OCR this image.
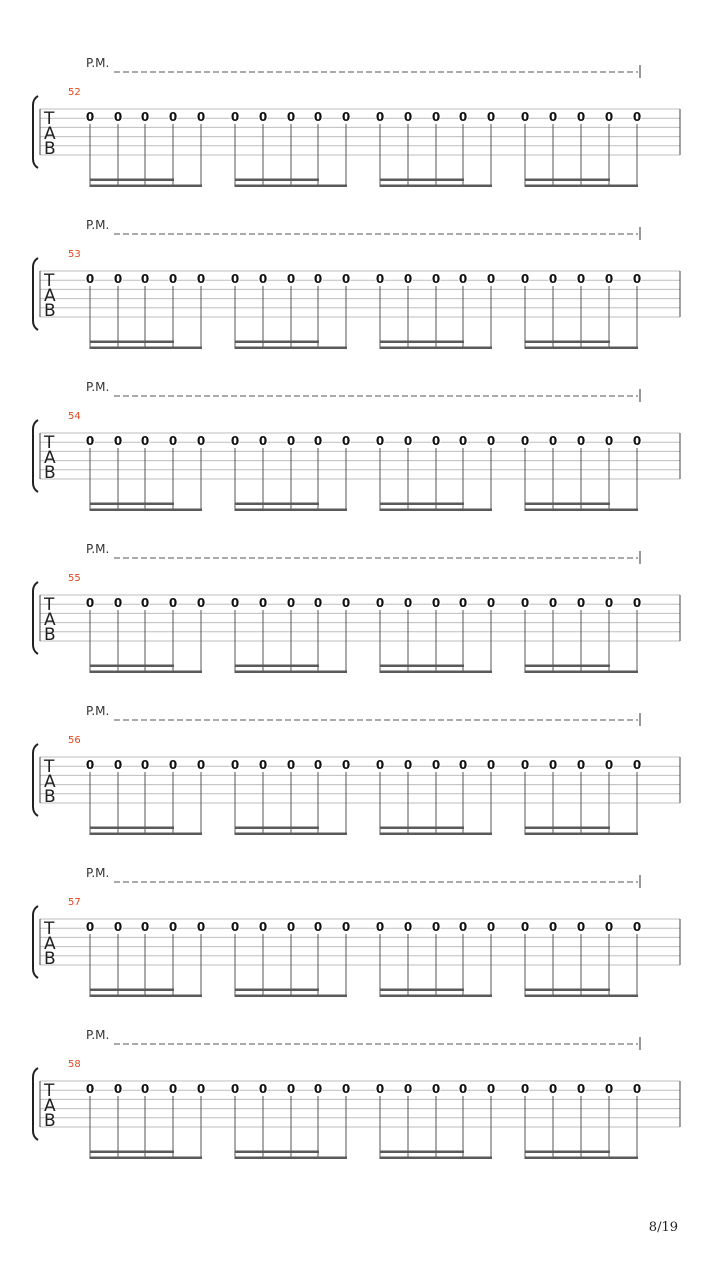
P.M.
52
T
A
B
0 0 0 0 0 0 0 0 0 0 0 0 0 0 0 0 0 0 0 0
P.M.
53
T
A
B
0 0 0 0 0 0 0 0 0 0 0 0 0 0 0 0 0 0 0 0
P.M.
54
T
A
B
0 0 0 0 0 0 0 0 0 0 0 0 0 0 0 0 0 0 0 0
P.M.
55
T
A
B
0 0 0 0 0 0 0 0 0 0 0 0 0 0 0 0 0 0 0 0
P.M.
56
T
A
B
0 0 0 0 0 0 0 0 0 0 0 0 0 0 0 0 0 0 0 0
P.M.
57
T
A
B
0 0 0 0 0 0 0 0 0 0 0 0 0 0 0 0 0 0 0 0
P.M.
58
T
A
B
0 0 0 0 0 0 0 0 0 0 0 0 0 0 0 0 0 0 0 0
8/19
